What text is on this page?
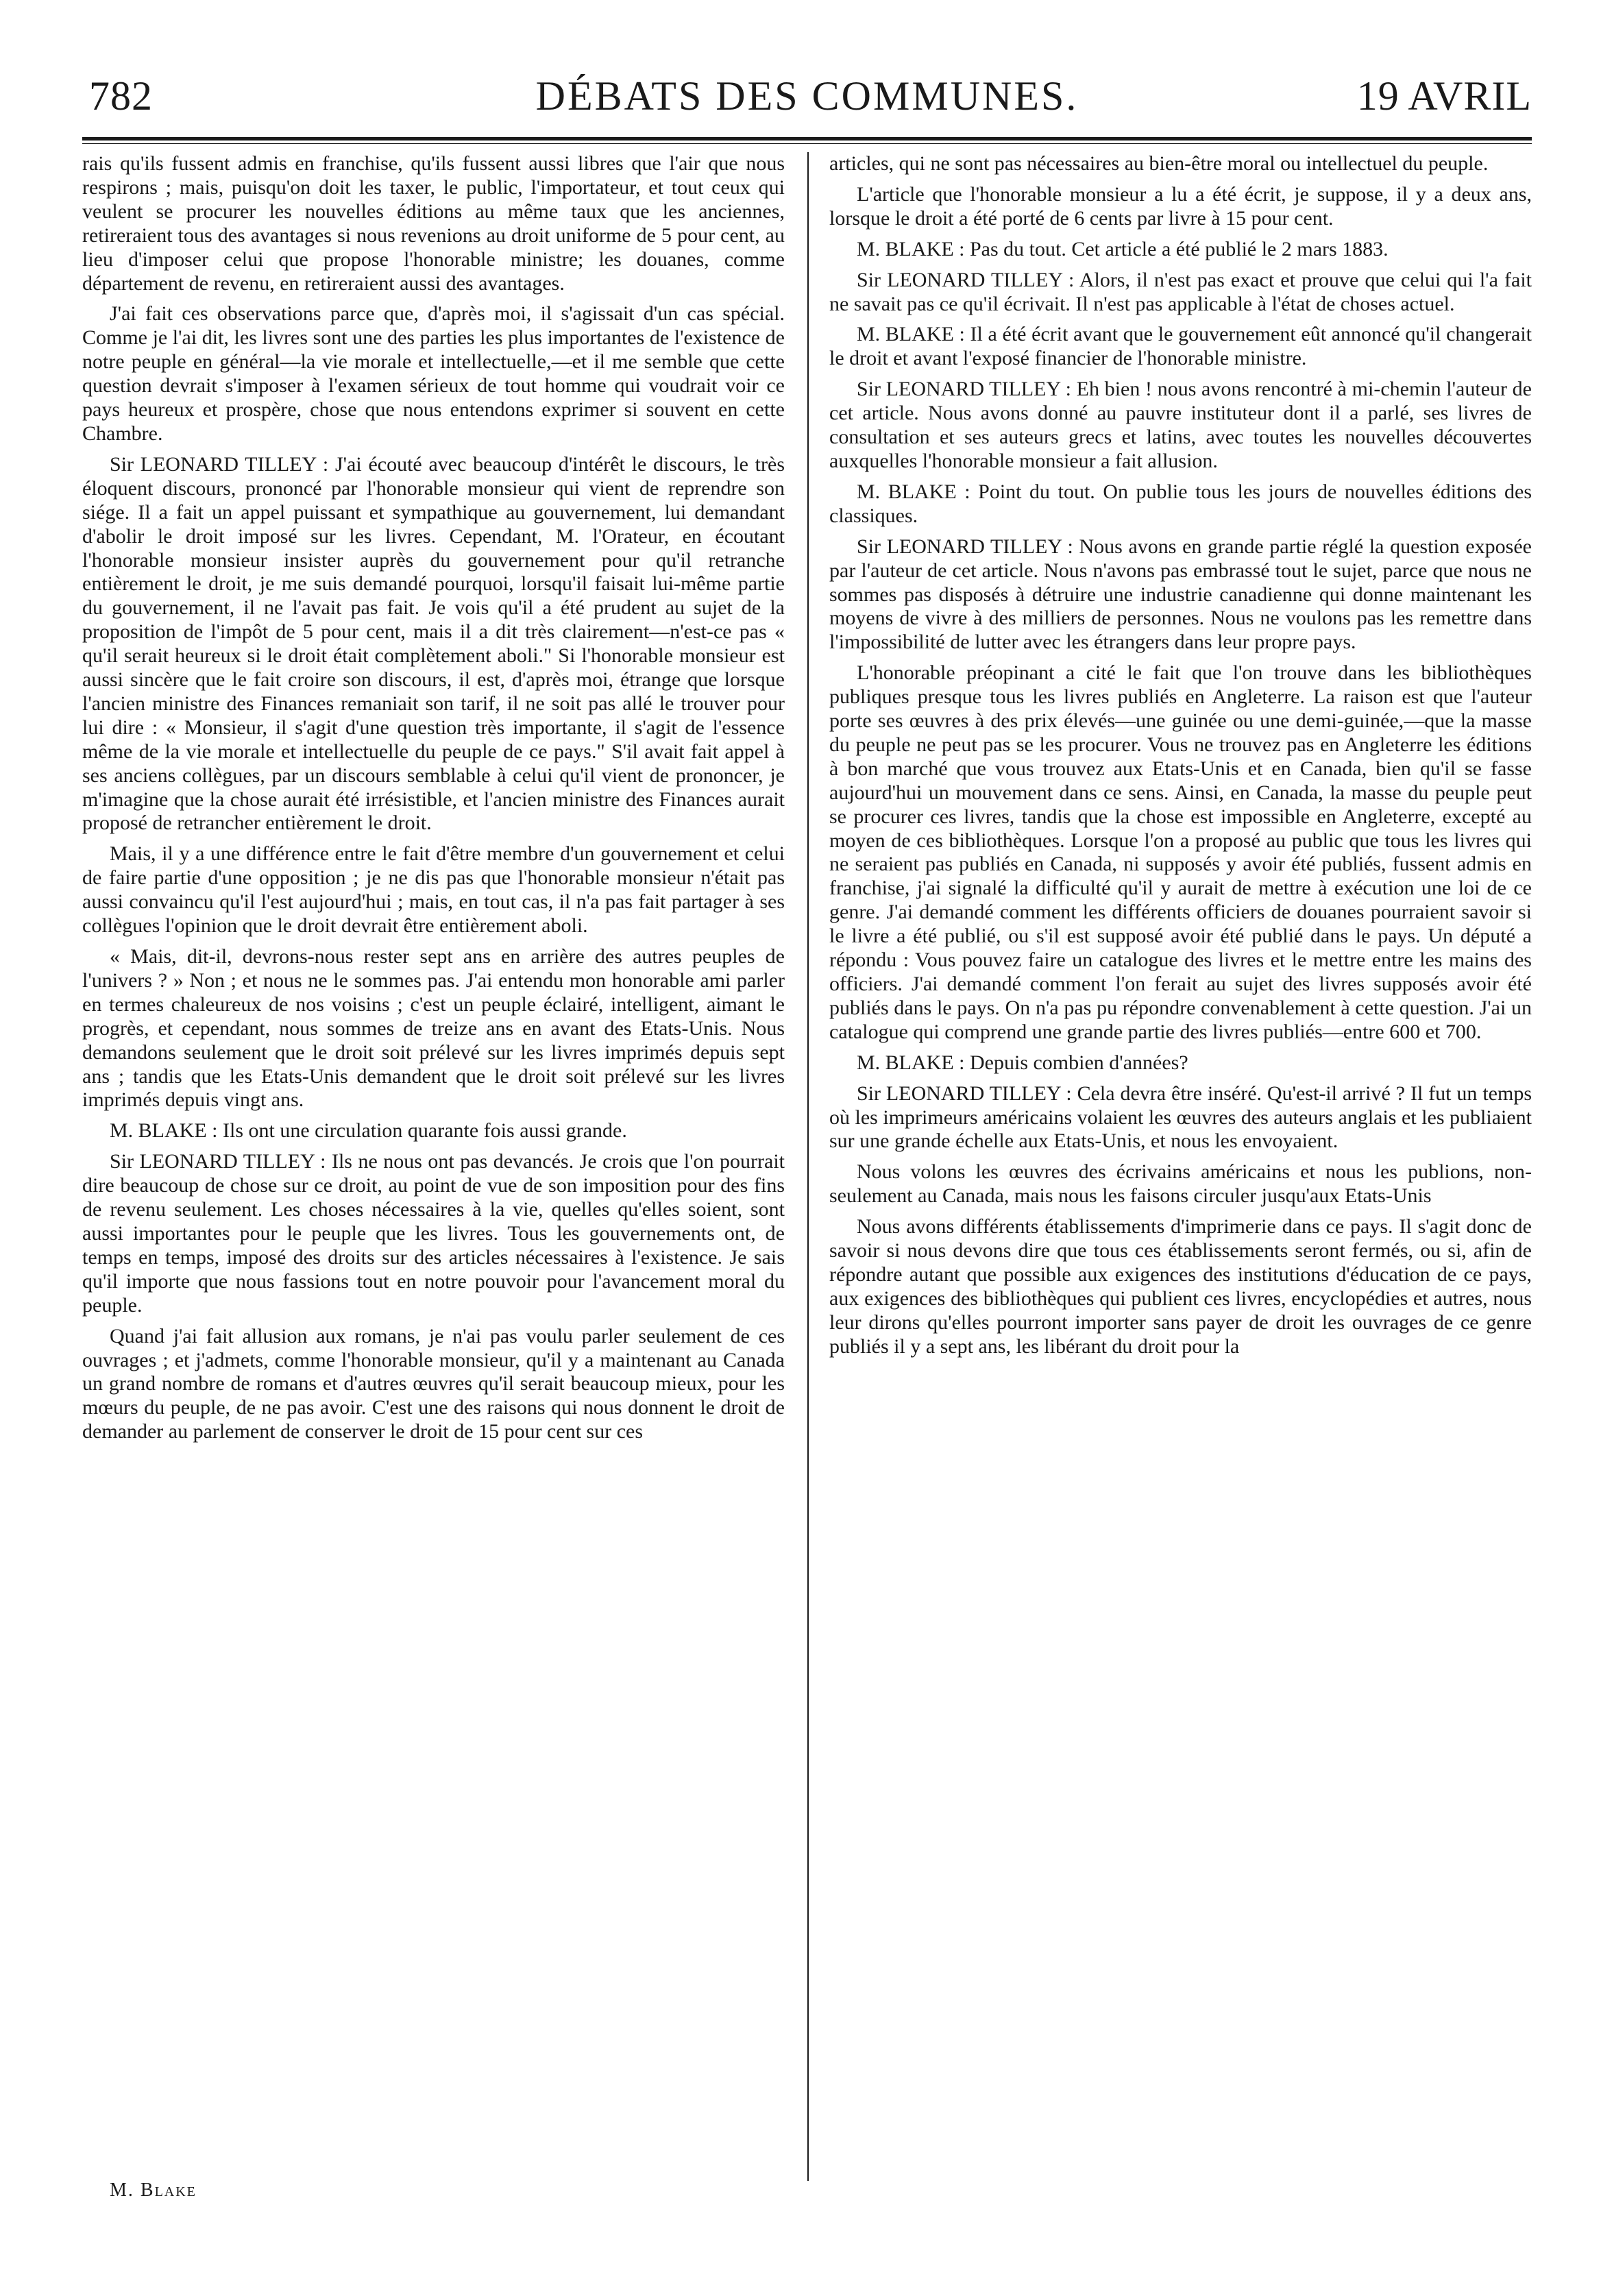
782	DÉBATS DES COMMUNES.	19 AVRIL

rais qu'ils fussent admis en franchise, qu'ils fussent aussi libres que l'air que nous respirons ; mais, puisqu'on doit les taxer, le public, l'importateur, et tout ceux qui veulent se procurer les nouvelles éditions au même taux que les anciennes, retireraient tous des avantages si nous revenions au droit uniforme de 5 pour cent, au lieu d'imposer celui que propose l'honorable ministre; les douanes, comme département de revenu, en retireraient aussi des avantages.

J'ai fait ces observations parce que, d'après moi, il s'agissait d'un cas spécial. Comme je l'ai dit, les livres sont une des parties les plus importantes de l'existence de notre peuple en général—la vie morale et intellectuelle,—et il me semble que cette question devrait s'imposer à l'examen sérieux de tout homme qui voudrait voir ce pays heureux et prospère, chose que nous entendons exprimer si souvent en cette Chambre.

Sir LEONARD TILLEY : J'ai écouté avec beaucoup d'intérêt le discours, le très éloquent discours, prononcé par l'honorable monsieur qui vient de reprendre son siége. Il a fait un appel puissant et sympathique au gouvernement, lui demandant d'abolir le droit imposé sur les livres. Cependant, M. l'Orateur, en écoutant l'honorable monsieur insister auprès du gouvernement pour qu'il retranche entièrement le droit, je me suis demandé pourquoi, lorsqu'il faisait lui-même partie du gouvernement, il ne l'avait pas fait. Je vois qu'il a été prudent au sujet de la proposition de l'impôt de 5 pour cent, mais il a dit très clairement—n'est-ce pas « qu'il serait heureux si le droit était complètement aboli." Si l'honorable monsieur est aussi sincère que le fait croire son discours, il est, d'après moi, étrange que lorsque l'ancien ministre des Finances remaniait son tarif, il ne soit pas allé le trouver pour lui dire : « Monsieur, il s'agit d'une question très importante, il s'agit de l'essence même de la vie morale et intellectuelle du peuple de ce pays." S'il avait fait appel à ses anciens collègues, par un discours semblable à celui qu'il vient de prononcer, je m'imagine que la chose aurait été irrésistible, et l'ancien ministre des Finances aurait proposé de retrancher entièrement le droit.

Mais, il y a une différence entre le fait d'être membre d'un gouvernement et celui de faire partie d'une opposition ; je ne dis pas que l'honorable monsieur n'était pas aussi convaincu qu'il l'est aujourd'hui ; mais, en tout cas, il n'a pas fait partager à ses collègues l'opinion que le droit devrait être entièrement aboli.

« Mais, dit-il, devrons-nous rester sept ans en arrière des autres peuples de l'univers ? » Non ; et nous ne le sommes pas. J'ai entendu mon honorable ami parler en termes chaleureux de nos voisins ; c'est un peuple éclairé, intelligent, aimant le progrès, et cependant, nous sommes de treize ans en avant des Etats-Unis. Nous demandons seulement que le droit soit prélevé sur les livres imprimés depuis sept ans ; tandis que les Etats-Unis demandent que le droit soit prélevé sur les livres imprimés depuis vingt ans.

M. BLAKE : Ils ont une circulation quarante fois aussi grande.

Sir LEONARD TILLEY : Ils ne nous ont pas devancés. Je crois que l'on pourrait dire beaucoup de chose sur ce droit, au point de vue de son imposition pour des fins de revenu seulement. Les choses nécessaires à la vie, quelles qu'elles soient, sont aussi importantes pour le peuple que les livres. Tous les gouvernements ont, de temps en temps, imposé des droits sur des articles nécessaires à l'existence. Je sais qu'il importe que nous fassions tout en notre pouvoir pour l'avancement moral du peuple.

Quand j'ai fait allusion aux romans, je n'ai pas voulu parler seulement de ces ouvrages ; et j'admets, comme l'honorable monsieur, qu'il y a maintenant au Canada un grand nombre de romans et d'autres œuvres qu'il serait beaucoup mieux, pour les mœurs du peuple, de ne pas avoir. C'est une des raisons qui nous donnent le droit de demander au parlement de conserver le droit de 15 pour cent sur ces

articles, qui ne sont pas nécessaires au bien-être moral ou intellectuel du peuple.

L'article que l'honorable monsieur a lu a été écrit, je suppose, il y a deux ans, lorsque le droit a été porté de 6 cents par livre à 15 pour cent.

M. BLAKE : Pas du tout. Cet article a été publié le 2 mars 1883.

Sir LEONARD TILLEY : Alors, il n'est pas exact et prouve que celui qui l'a fait ne savait pas ce qu'il écrivait. Il n'est pas applicable à l'état de choses actuel.

M. BLAKE : Il a été écrit avant que le gouvernement eût annoncé qu'il changerait le droit et avant l'exposé financier de l'honorable ministre.

Sir LEONARD TILLEY : Eh bien ! nous avons rencontré à mi-chemin l'auteur de cet article. Nous avons donné au pauvre instituteur dont il a parlé, ses livres de consultation et ses auteurs grecs et latins, avec toutes les nouvelles découvertes auxquelles l'honorable monsieur a fait allusion.

M. BLAKE : Point du tout. On publie tous les jours de nouvelles éditions des classiques.

Sir LEONARD TILLEY : Nous avons en grande partie réglé la question exposée par l'auteur de cet article. Nous n'avons pas embrassé tout le sujet, parce que nous ne sommes pas disposés à détruire une industrie canadienne qui donne maintenant les moyens de vivre à des milliers de personnes. Nous ne voulons pas les remettre dans l'impossibilité de lutter avec les étrangers dans leur propre pays.

L'honorable préopinant a cité le fait que l'on trouve dans les bibliothèques publiques presque tous les livres publiés en Angleterre. La raison est que l'auteur porte ses œuvres à des prix élevés—une guinée ou une demi-guinée,—que la masse du peuple ne peut pas se les procurer. Vous ne trouvez pas en Angleterre les éditions à bon marché que vous trouvez aux Etats-Unis et en Canada, bien qu'il se fasse aujourd'hui un mouvement dans ce sens. Ainsi, en Canada, la masse du peuple peut se procurer ces livres, tandis que la chose est impossible en Angleterre, excepté au moyen de ces bibliothèques. Lorsque l'on a proposé au public que tous les livres qui ne seraient pas publiés en Canada, ni supposés y avoir été publiés, fussent admis en franchise, j'ai signalé la difficulté qu'il y aurait de mettre à exécution une loi de ce genre. J'ai demandé comment les différents officiers de douanes pourraient savoir si le livre a été publié, ou s'il est supposé avoir été publié dans le pays. Un député a répondu : Vous pouvez faire un catalogue des livres et le mettre entre les mains des officiers. J'ai demandé comment l'on ferait au sujet des livres supposés avoir été publiés dans le pays. On n'a pas pu répondre convenablement à cette question. J'ai un catalogue qui comprend une grande partie des livres publiés—entre 600 et 700.

M. BLAKE : Depuis combien d'années?

Sir LEONARD TILLEY : Cela devra être inséré. Qu'est-il arrivé ? Il fut un temps où les imprimeurs américains volaient les œuvres des auteurs anglais et les publiaient sur une grande échelle aux Etats-Unis, et nous les envoyaient.

Nous volons les œuvres des écrivains américains et nous les publions, non-seulement au Canada, mais nous les faisons circuler jusqu'aux Etats-Unis

Nous avons différents établissements d'imprimerie dans ce pays. Il s'agit donc de savoir si nous devons dire que tous ces établissements seront fermés, ou si, afin de répondre autant que possible aux exigences des institutions d'éducation de ce pays, aux exigences des bibliothèques qui publient ces livres, encyclopédies et autres, nous leur dirons qu'elles pourront importer sans payer de droit les ouvrages de ce genre publiés il y a sept ans, les libérant du droit pour la

M. Blake
